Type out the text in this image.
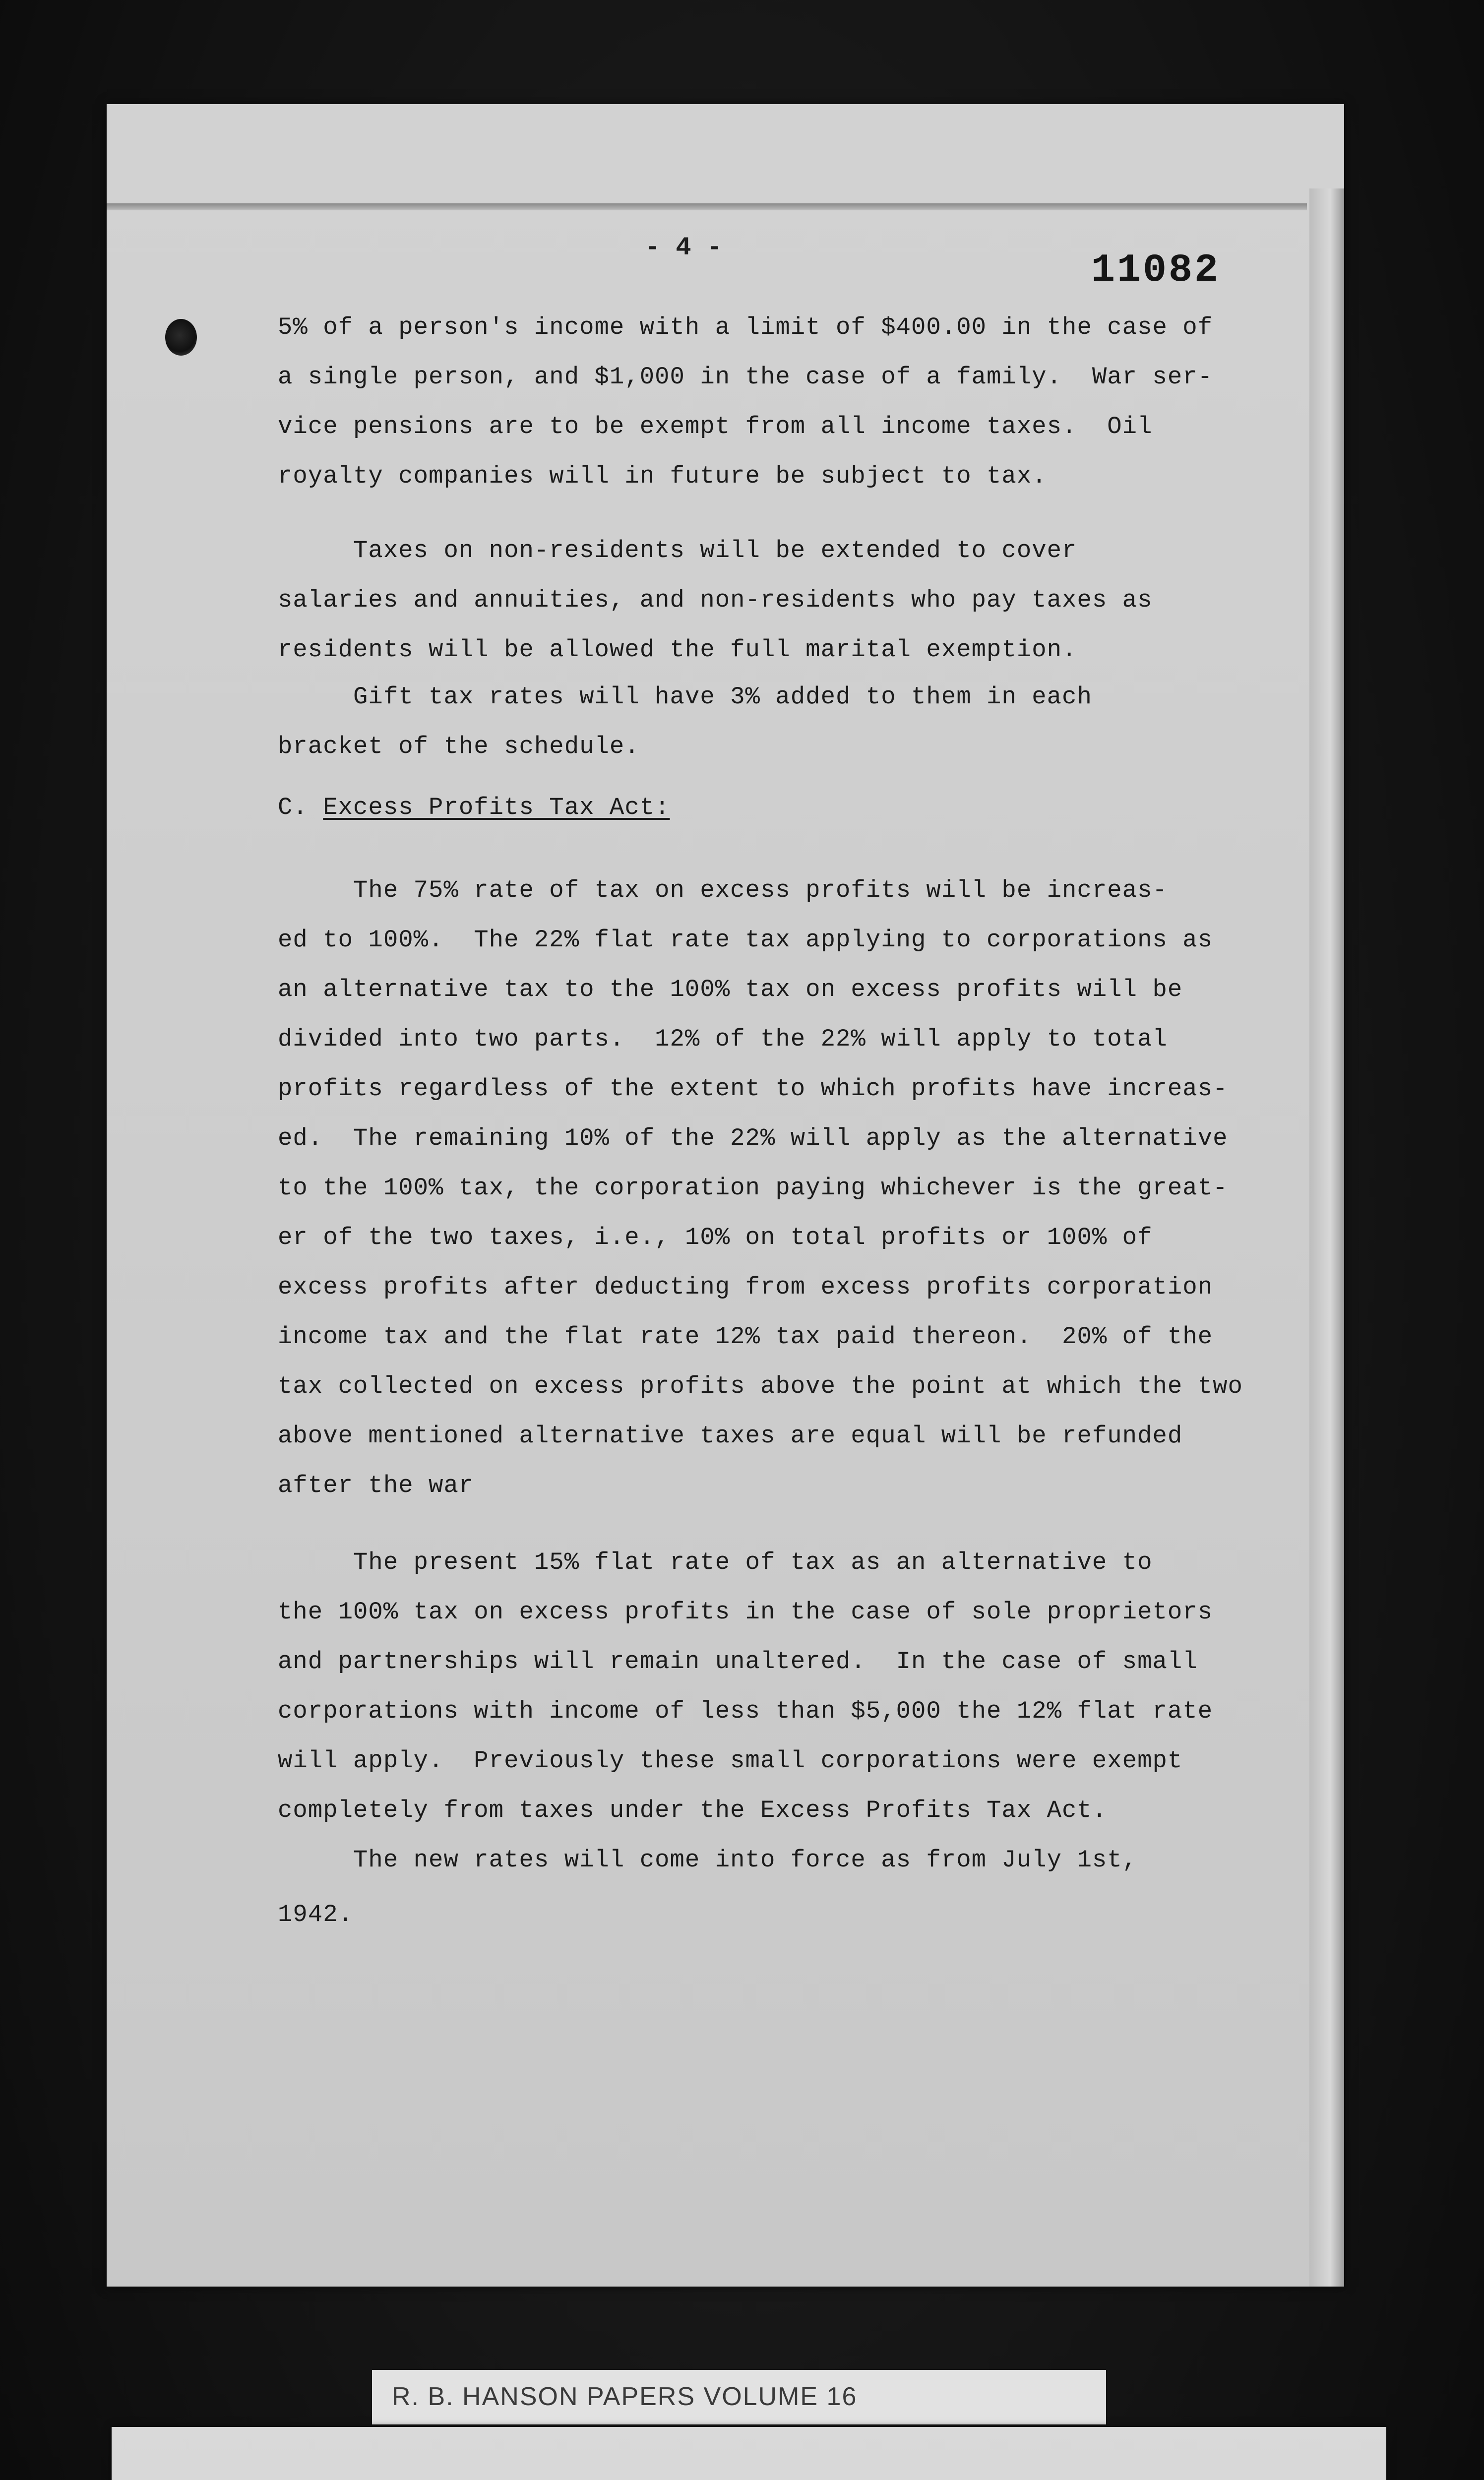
- 4 -
11082
5% of a person's income with a limit of $400.00 in the case of
a single person, and $1,000 in the case of a family.  War ser-
vice pensions are to be exempt from all income taxes.  Oil
royalty companies will in future be subject to tax.
Taxes on non-residents will be extended to cover
salaries and annuities, and non-residents who pay taxes as
residents will be allowed the full marital exemption.
Gift tax rates will have 3% added to them in each
bracket of the schedule.
C. Excess Profits Tax Act:
The 75% rate of tax on excess profits will be increas-
ed to 100%.  The 22% flat rate tax applying to corporations as
an alternative tax to the 100% tax on excess profits will be
divided into two parts.  12% of the 22% will apply to total
profits regardless of the extent to which profits have increas-
ed.  The remaining 10% of the 22% will apply as the alternative
to the 100% tax, the corporation paying whichever is the great-
er of the two taxes, i.e., 10% on total profits or 100% of
excess profits after deducting from excess profits corporation
income tax and the flat rate 12% tax paid thereon.  20% of the
tax collected on excess profits above the point at which the two
above mentioned alternative taxes are equal will be refunded
after the war
The present 15% flat rate of tax as an alternative to
the 100% tax on excess profits in the case of sole proprietors
and partnerships will remain unaltered.  In the case of small
corporations with income of less than $5,000 the 12% flat rate
will apply.  Previously these small corporations were exempt
completely from taxes under the Excess Profits Tax Act.
The new rates will come into force as from July 1st,
1942.
R. B. HANSON PAPERS VOLUME 16
